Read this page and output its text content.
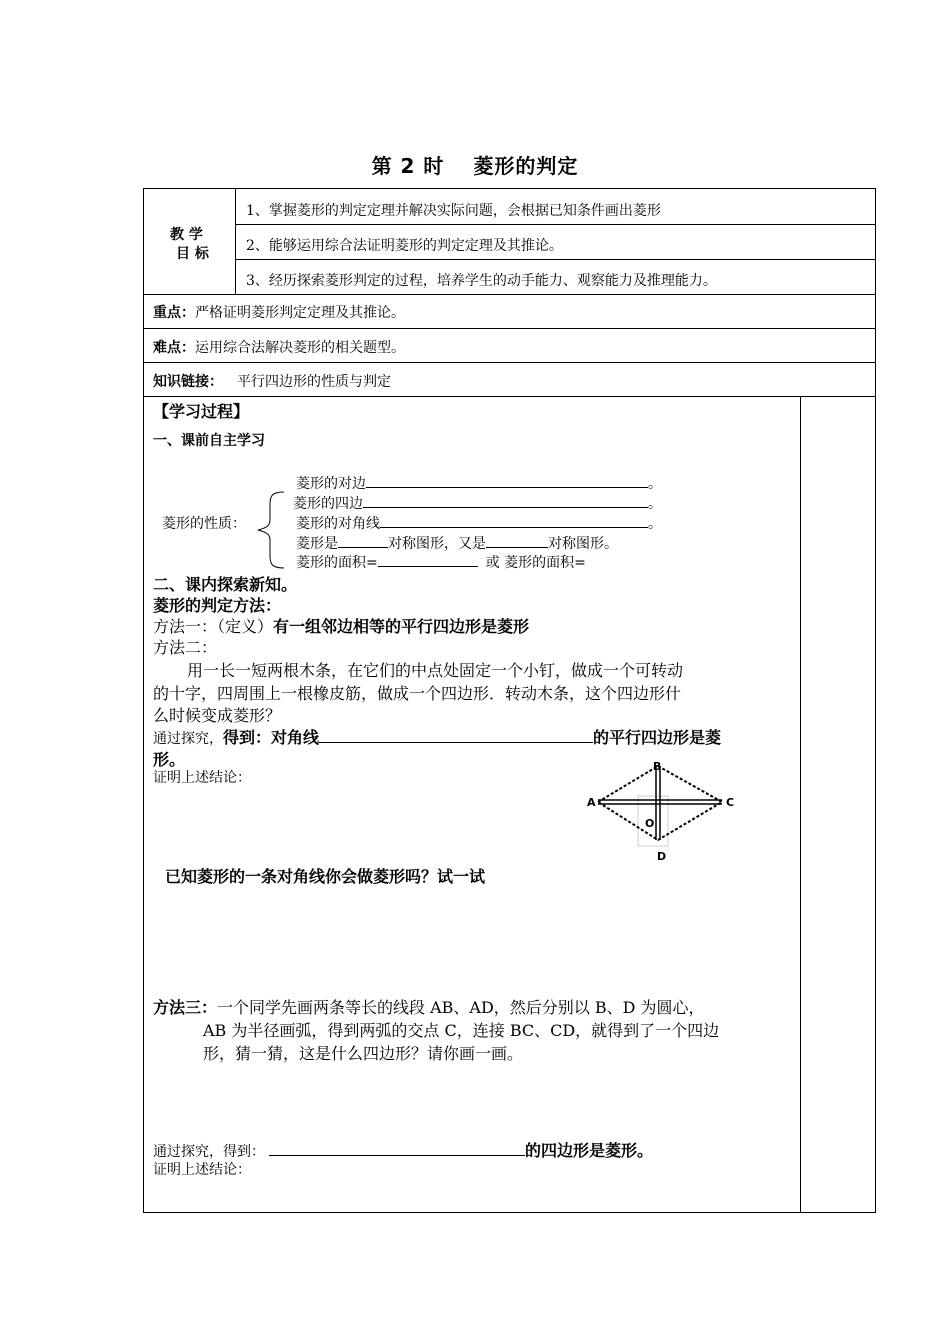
第 2 时　 菱形的判定
教 学
目 标
1、掌握菱形的判定定理并解决实际问题，会根据已知条件画出菱形
2、能够运用综合法证明菱形的判定定理及其推论。
3、经历探索菱形判定的过程，培养学生的动手能力、观察能力及推理能力。
重点：严格证明菱形判定定理及其推论。
难点：运用综合法解决菱形的相关题型。
知识链接： 平行四边形的性质与判定
【学习过程】
一、课前自主学习
菱形的性质：
菱形的对边	。
菱形的四边	。
菱形的对角线	。
菱形是	对称图形，又是	对称图形。
菱形的面积=	或 菱形的面积=
二、课内探索新知。
菱形的判定方法：
方法一：（定义）有一组邻边相等的平行四边形是菱形
方法二：
用一长一短两根木条，在它们的中点处固定一个小钉，做成一个可转动
的十字，四周围上一根橡皮筋，做成一个四边形．转动木条，这个四边形什
么时候变成菱形？
通过探究，得到：对角线	的平行四边形是菱
形。
证明上述结论：
A
B
C
D
O
已知菱形的一条对角线你会做菱形吗？试一试
方法三：一个同学先画两条等长的线段 AB、AD，然后分别以 B、D 为圆心，
AB 为半径画弧，得到两弧的交点 C，连接 BC、CD，就得到了一个四边
形，猜一猜，这是什么四边形？请你画一画。
通过探究，得到：	的四边形是菱形。
证明上述结论：
